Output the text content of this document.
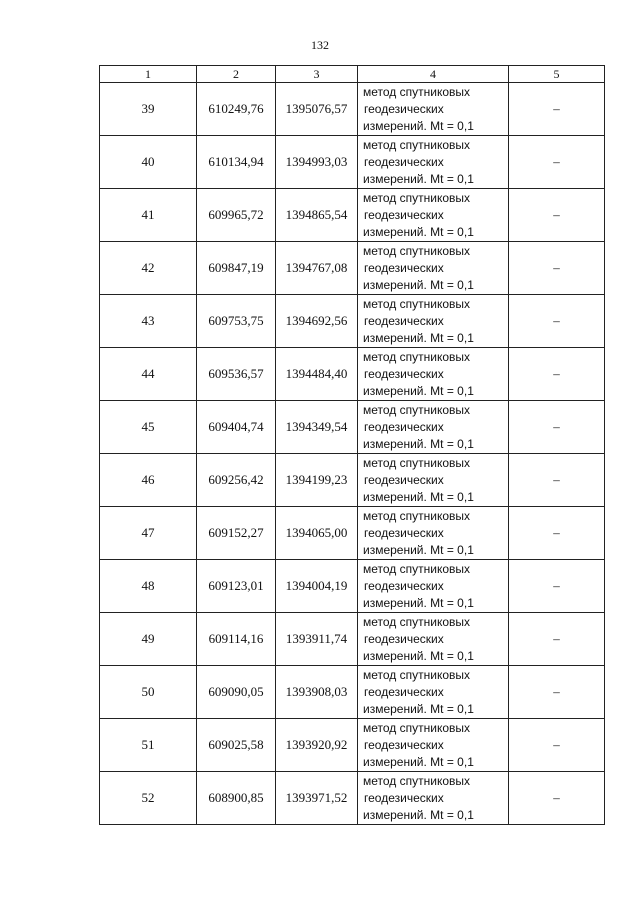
132
1	2	3	4	5
39	610249,76	1395076,57	метод спутниковых
геодезических
измерений. Mt = 0,1	–
40	610134,94	1394993,03	метод спутниковых
геодезических
измерений. Mt = 0,1	–
41	609965,72	1394865,54	метод спутниковых
геодезических
измерений. Mt = 0,1	–
42	609847,19	1394767,08	метод спутниковых
геодезических
измерений. Mt = 0,1	–
43	609753,75	1394692,56	метод спутниковых
геодезических
измерений. Mt = 0,1	–
44	609536,57	1394484,40	метод спутниковых
геодезических
измерений. Mt = 0,1	–
45	609404,74	1394349,54	метод спутниковых
геодезических
измерений. Mt = 0,1	–
46	609256,42	1394199,23	метод спутниковых
геодезических
измерений. Mt = 0,1	–
47	609152,27	1394065,00	метод спутниковых
геодезических
измерений. Mt = 0,1	–
48	609123,01	1394004,19	метод спутниковых
геодезических
измерений. Mt = 0,1	–
49	609114,16	1393911,74	метод спутниковых
геодезических
измерений. Mt = 0,1	–
50	609090,05	1393908,03	метод спутниковых
геодезических
измерений. Mt = 0,1	–
51	609025,58	1393920,92	метод спутниковых
геодезических
измерений. Mt = 0,1	–
52	608900,85	1393971,52	метод спутниковых
геодезических
измерений. Mt = 0,1	–
